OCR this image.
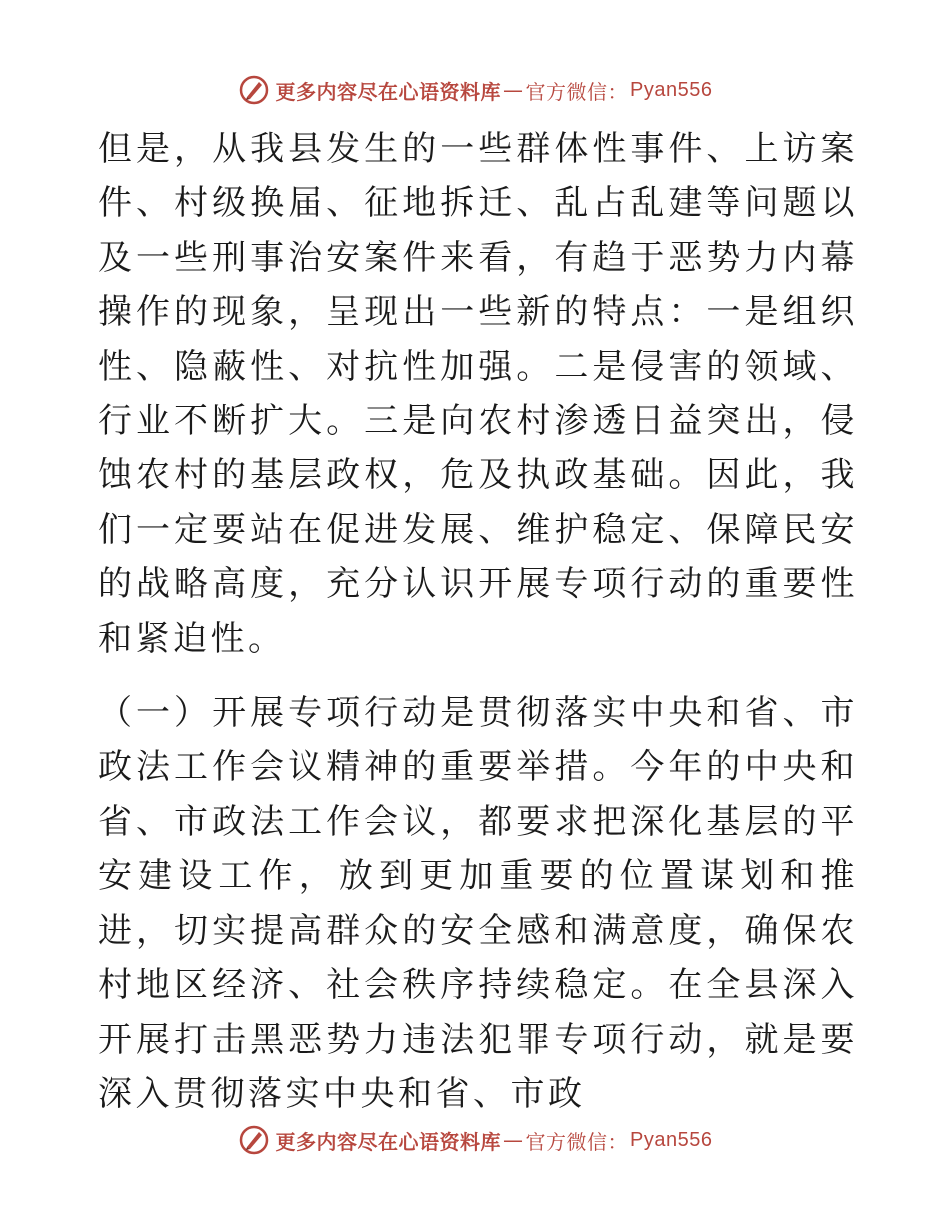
更多内容尽在心语资料库 — 官方微信： Pyan556

但是，从我县发生的一些群体性事件、上访案件、村级换届、征地拆迁、乱占乱建等问题以及一些刑事治安案件来看，有趋于恶势力内幕操作的现象，呈现出一些新的特点：一是组织性、隐蔽性、对抗性加强。二是侵害的领域、行业不断扩大。三是向农村渗透日益突出，侵蚀农村的基层政权，危及执政基础。因此，我们一定要站在促进发展、维护稳定、保障民安的战略高度，充分认识开展专项行动的重要性和紧迫性。

（一）开展专项行动是贯彻落实中央和省、市政法工作会议精神的重要举措。今年的中央和省、市政法工作会议，都要求把深化基层的平安建设工作，放到更加重要的位置谋划和推进，切实提高群众的安全感和满意度，确保农村地区经济、社会秩序持续稳定。在全县深入开展打击黑恶势力违法犯罪专项行动，就是要深入贯彻落实中央和省、市政

更多内容尽在心语资料库 — 官方微信： Pyan556
